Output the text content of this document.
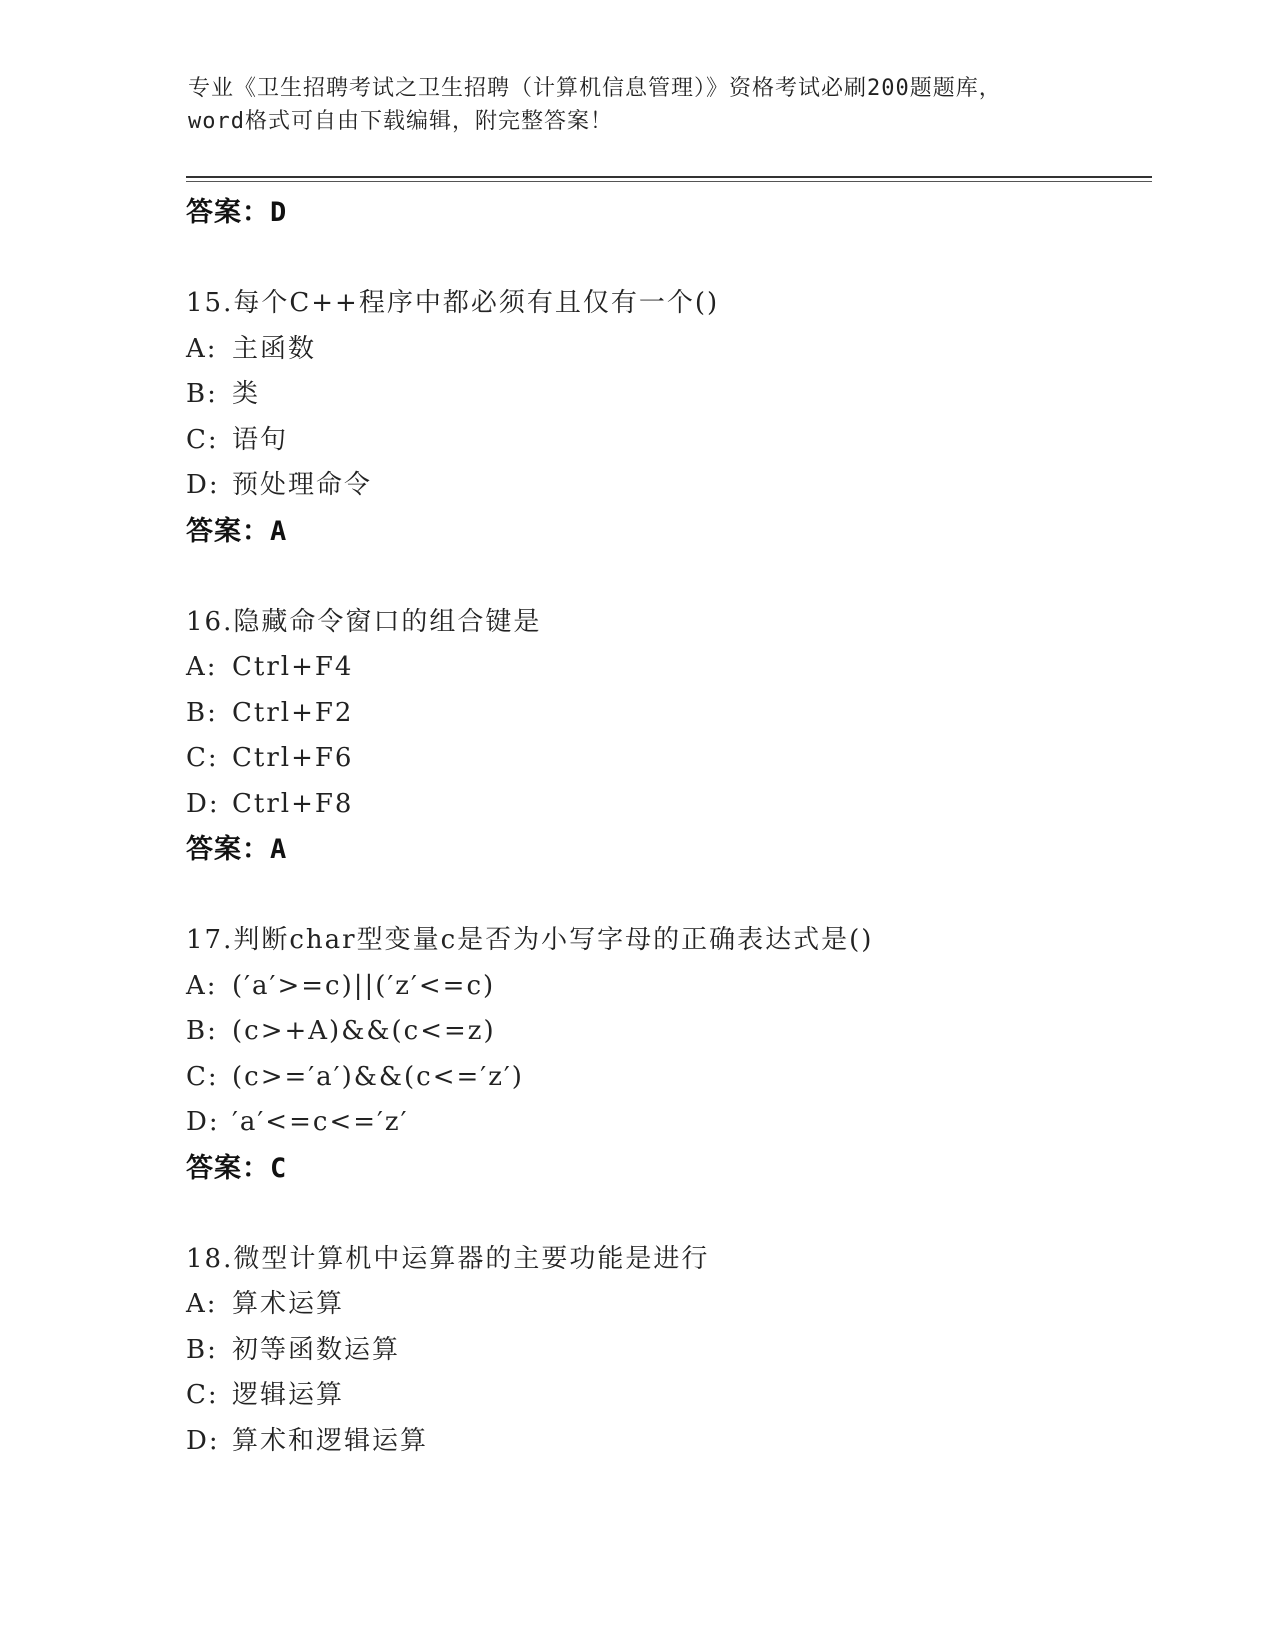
专业《卫生招聘考试之卫生招聘（计算机信息管理）》资格考试必刷200题题库，
word格式可自由下载编辑，附完整答案！
答案：D
15.每个C++程序中都必须有且仅有一个()
A: 主函数
B: 类
C: 语句
D: 预处理命令
答案：A
16.隐藏命令窗口的组合键是
A: Ctrl+F4
B: Ctrl+F2
C: Ctrl+F6
D: Ctrl+F8
答案：A
17.判断char型变量c是否为小写字母的正确表达式是()
A: (′a′>=c)||(′z′<=c)
B: (c>+A)&&(c<=z)
C: (c>=′a′)&&(c<=′z′)
D: ′a′<=c<=′z′
答案：C
18.微型计算机中运算器的主要功能是进行
A: 算术运算
B: 初等函数运算
C: 逻辑运算
D: 算术和逻辑运算
